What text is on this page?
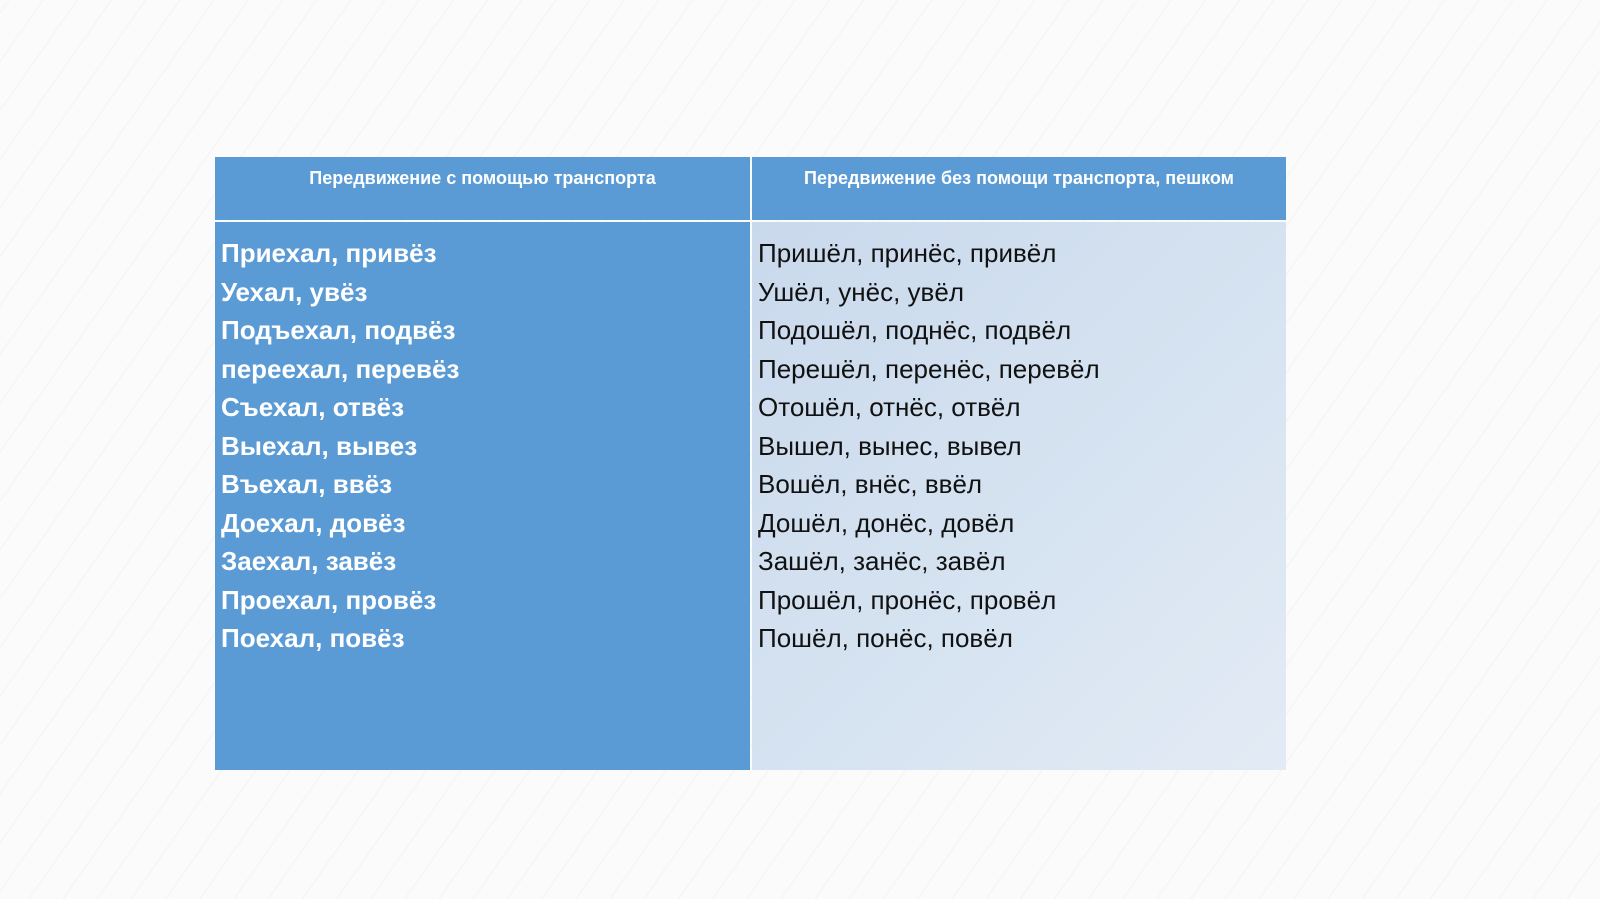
Передвижение с помощью транспорта	Передвижение без помощи транспорта, пешком
Приехал, привёз
Уехал, увёз
Подъехал, подвёз
переехал, перевёз
Съехал, отвёз
Выехал, вывез
Въехал, ввёз
Доехал, довёз
Заехал, завёз
Проехал, провёз
Поехал, повёз
Пришёл, принёс, привёл
Ушёл, унёс, увёл
Подошёл, поднёс, подвёл
Перешёл, перенёс, перевёл
Отошёл, отнёс, отвёл
Вышел, вынес, вывел
Вошёл, внёс, ввёл
Дошёл, донёс, довёл
Зашёл, занёс, завёл
Прошёл, пронёс, провёл
Пошёл, понёс, повёл
